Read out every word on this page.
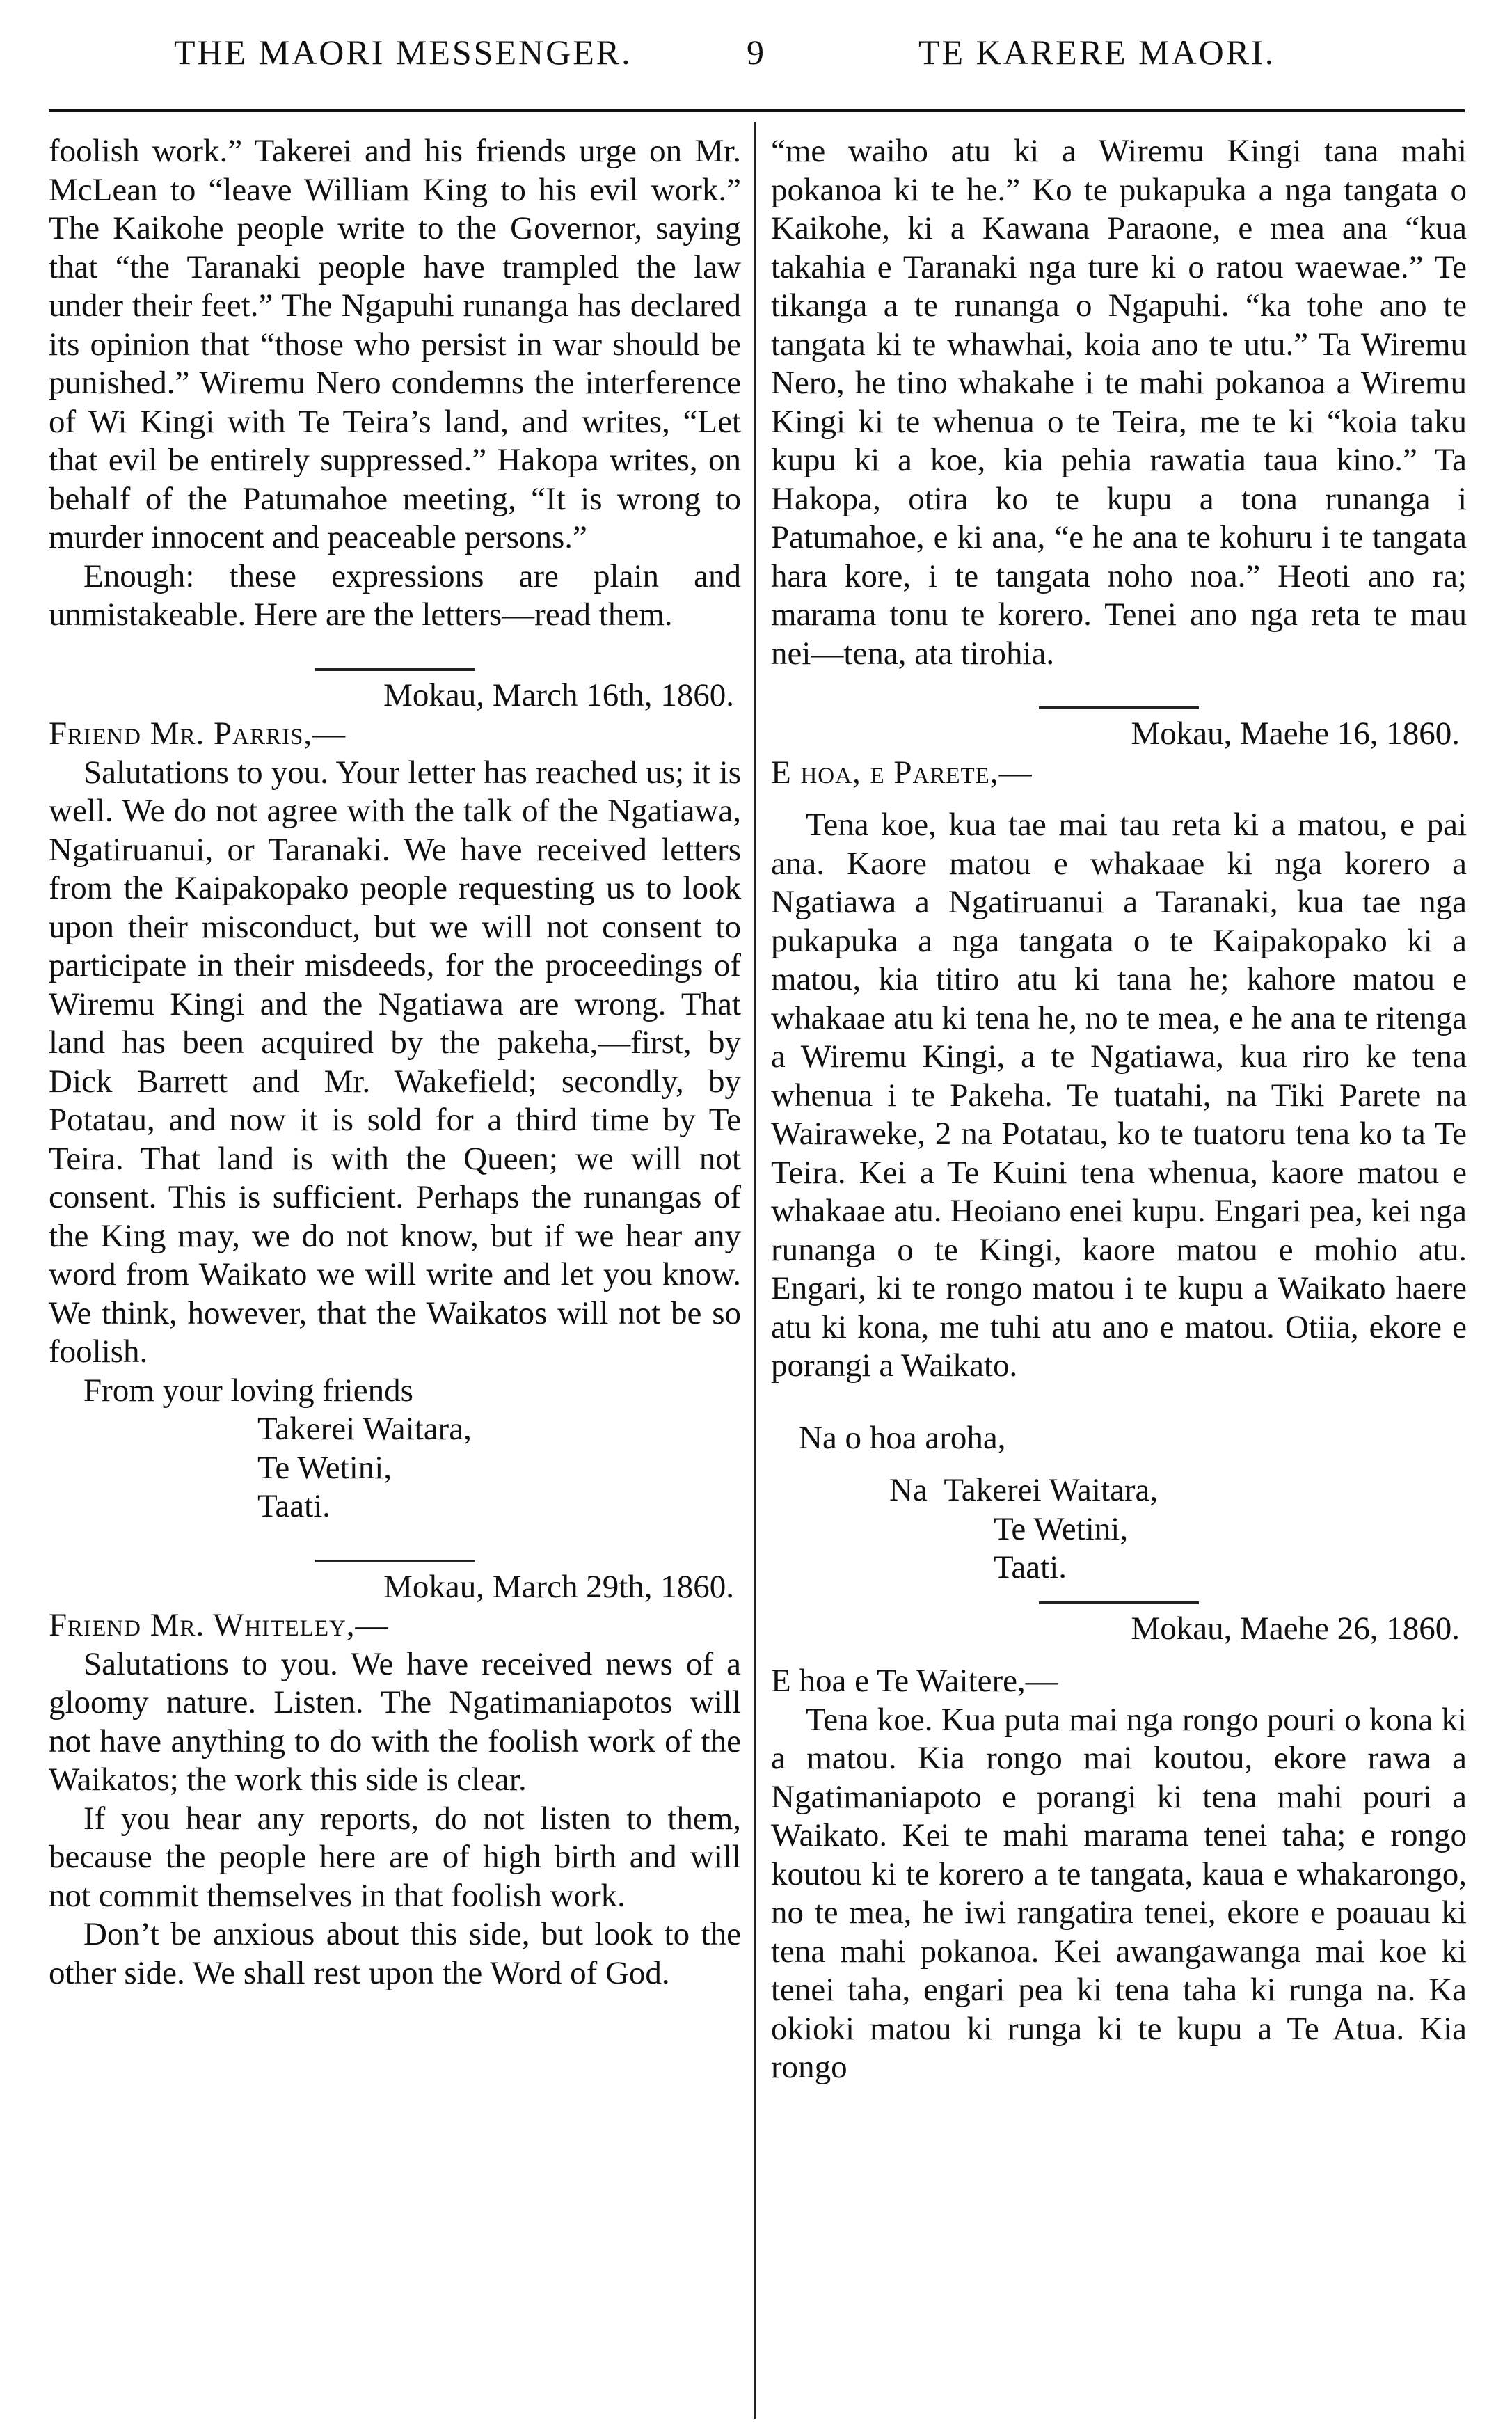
THE MAORI MESSENGER.	9	TE KARERE MAORI.

foolish work.” Takerei and his friends urge on Mr. McLean to “leave William King to his evil work.” The Kaikohe people write to the Governor, saying that “the Taranaki people have trampled the law under their feet.” The Ngapuhi runanga has declared its opinion that “those who persist in war should be punished.” Wiremu Nero condemns the interference of Wi Kingi with Te Teira’s land, and writes, “Let that evil be entirely suppressed.” Hakopa writes, on behalf of the Patumahoe meeting, “It is wrong to murder innocent and peaceable persons.”

Enough: these expressions are plain and unmistakeable. Here are the letters—read them.

Mokau, March 16th, 1860.

Friend Mr. Parris,—

Salutations to you. Your letter has reached us; it is well. We do not agree with the talk of the Ngatiawa, Ngatiruanui, or Taranaki. We have received letters from the Kaipakopako people requesting us to look upon their misconduct, but we will not consent to participate in their misdeeds, for the proceedings of Wiremu Kingi and the Ngatiawa are wrong. That land has been acquired by the pakeha,—first, by Dick Barrett and Mr. Wakefield; secondly, by Potatau, and now it is sold for a third time by Te Teira. That land is with the Queen; we will not consent. This is sufficient. Perhaps the runangas of the King may, we do not know, but if we hear any word from Waikato we will write and let you know. We think, however, that the Waikatos will not be so foolish.

From your loving friends

Takerei Waitara,

Te Wetini,

Taati.

Mokau, March 29th, 1860.

Friend Mr. Whiteley,—

Salutations to you. We have received news of a gloomy nature. Listen. The Ngatimaniapotos will not have anything to do with the foolish work of the Waikatos; the work this side is clear.

If you hear any reports, do not listen to them, because the people here are of high birth and will not commit themselves in that foolish work.

Don’t be anxious about this side, but look to the other side. We shall rest upon the Word of God.

“me waiho atu ki a Wiremu Kingi tana mahi pokanoa ki te he.” Ko te pukapuka a nga tangata o Kaikohe, ki a Kawana Paraone, e mea ana “kua takahia e Taranaki nga ture ki o ratou waewae.” Te tikanga a te runanga o Ngapuhi. “ka tohe ano te tangata ki te whawhai, koia ano te utu.” Ta Wiremu Nero, he tino whakahe i te mahi pokanoa a Wiremu Kingi ki te whenua o te Teira, me te ki “koia taku kupu ki a koe, kia pehia rawatia taua kino.” Ta Hakopa, otira ko te kupu a tona runanga i Patumahoe, e ki ana, “e he ana te kohuru i te tangata hara kore, i te tangata noho noa.” Heoti ano ra; marama tonu te korero. Tenei ano nga reta te mau nei—tena, ata tirohia.

Mokau, Maehe 16, 1860.

E hoa, e Parete,—

Tena koe, kua tae mai tau reta ki a matou, e pai ana. Kaore matou e whakaae ki nga korero a Ngatiawa a Ngatiruanui a Taranaki, kua tae nga pukapuka a nga tangata o te Kaipakopako ki a matou, kia titiro atu ki tana he; kahore matou e whakaae atu ki tena he, no te mea, e he ana te ritenga a Wiremu Kingi, a te Ngatiawa, kua riro ke tena whenua i te Pakeha. Te tuatahi, na Tiki Parete na Wairaweke, 2 na Potatau, ko te tuatoru tena ko ta Te Teira. Kei a Te Kuini tena whenua, kaore matou e whakaae atu. Heoiano enei kupu. Engari pea, kei nga runanga o te Kingi, kaore matou e mohio atu. Engari, ki te rongo matou i te kupu a Waikato haere atu ki kona, me tuhi atu ano e matou. Otiia, ekore e porangi a Waikato.

Na o hoa aroha,

Na Takerei Waitara,

Te Wetini,

Taati.

Mokau, Maehe 26, 1860.

E hoa e Te Waitere,—

Tena koe. Kua puta mai nga rongo pouri o kona ki a matou. Kia rongo mai koutou, ekore rawa a Ngatimaniapoto e porangi ki tena mahi pouri a Waikato. Kei te mahi marama tenei taha; e rongo koutou ki te korero a te tangata, kaua e whakarongo, no te mea, he iwi rangatira tenei, ekore e poauau ki tena mahi pokanoa. Kei awangawanga mai koe ki tenei taha, engari pea ki tena taha ki runga na. Ka okioki matou ki runga ki te kupu a Te Atua. Kia rongo
